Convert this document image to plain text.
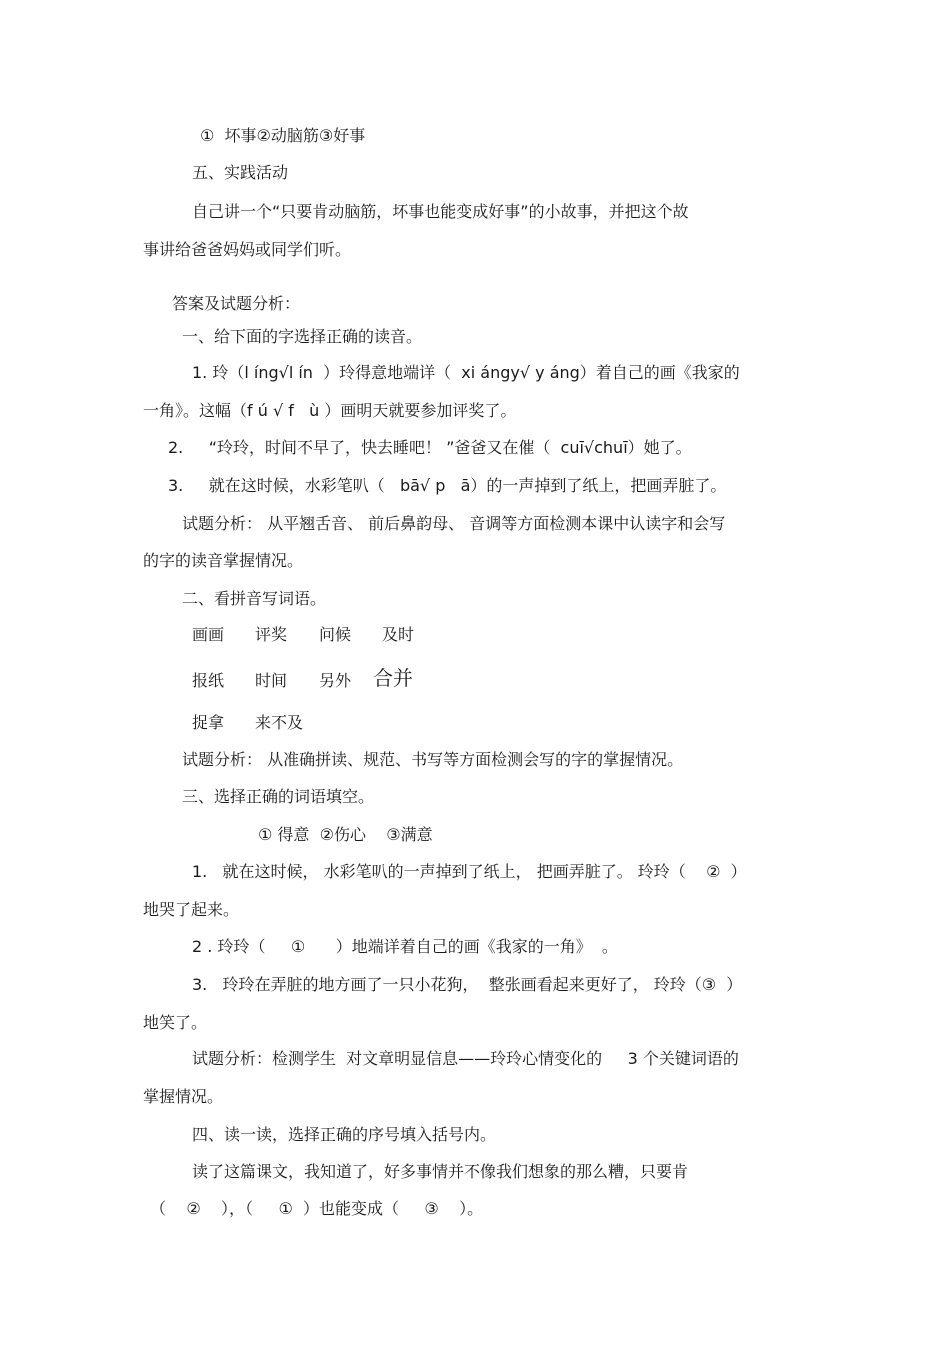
①  坏事②动脑筋③好事
五、实践活动
自己讲一个“只要肯动脑筋，坏事也能变成好事”的小故事，并把这个故
事讲给爸爸妈妈或同学们听。
答案及试题分析：
一、给下面的字选择正确的读音。
1. 玲（l íng√l ín  ）玲得意地端详（  xi ángy√ y áng）着自己的画《我家的
一角》。这幅（f ú √ f   ù ）画明天就要参加评奖了。
2.     “玲玲，时间不早了，快去睡吧！ ”爸爸又在催（  cuī√chuī）她了。
3.     就在这时候，水彩笔叭（   bā√ p   ā）的一声掉到了纸上，把画弄脏了。
试题分析： 从平翘舌音、 前后鼻韵母、 音调等方面检测本课中认读字和会写
的字的读音掌握情况。
二、看拼音写词语。
画画 评奖 问候 及时
报纸 时间 另外 合并
捉拿 来不及
试题分析： 从准确拼读、规范、书写等方面检测会写的字的掌握情况。
三、选择正确的词语填空。
① 得意  ②伤心    ③满意
1.   就在这时候， 水彩笔叭的一声掉到了纸上， 把画弄脏了。 玲玲（    ②  ）
地哭了起来。
2 . 玲玲（     ①      ）地端详着自己的画《我家的一角》  。
3.   玲玲在弄脏的地方画了一只小花狗，  整张画看起来更好了， 玲玲（③  ）
地笑了。
试题分析：检测学生  对文章明显信息——玲玲心情变化的     3 个关键词语的
掌握情况。
四、读一读，选择正确的序号填入括号内。
读了这篇课文，我知道了，好多事情并不像我们想象的那么糟，只要肯
（    ②    ），（     ①  ）也能变成（     ③    ）。
